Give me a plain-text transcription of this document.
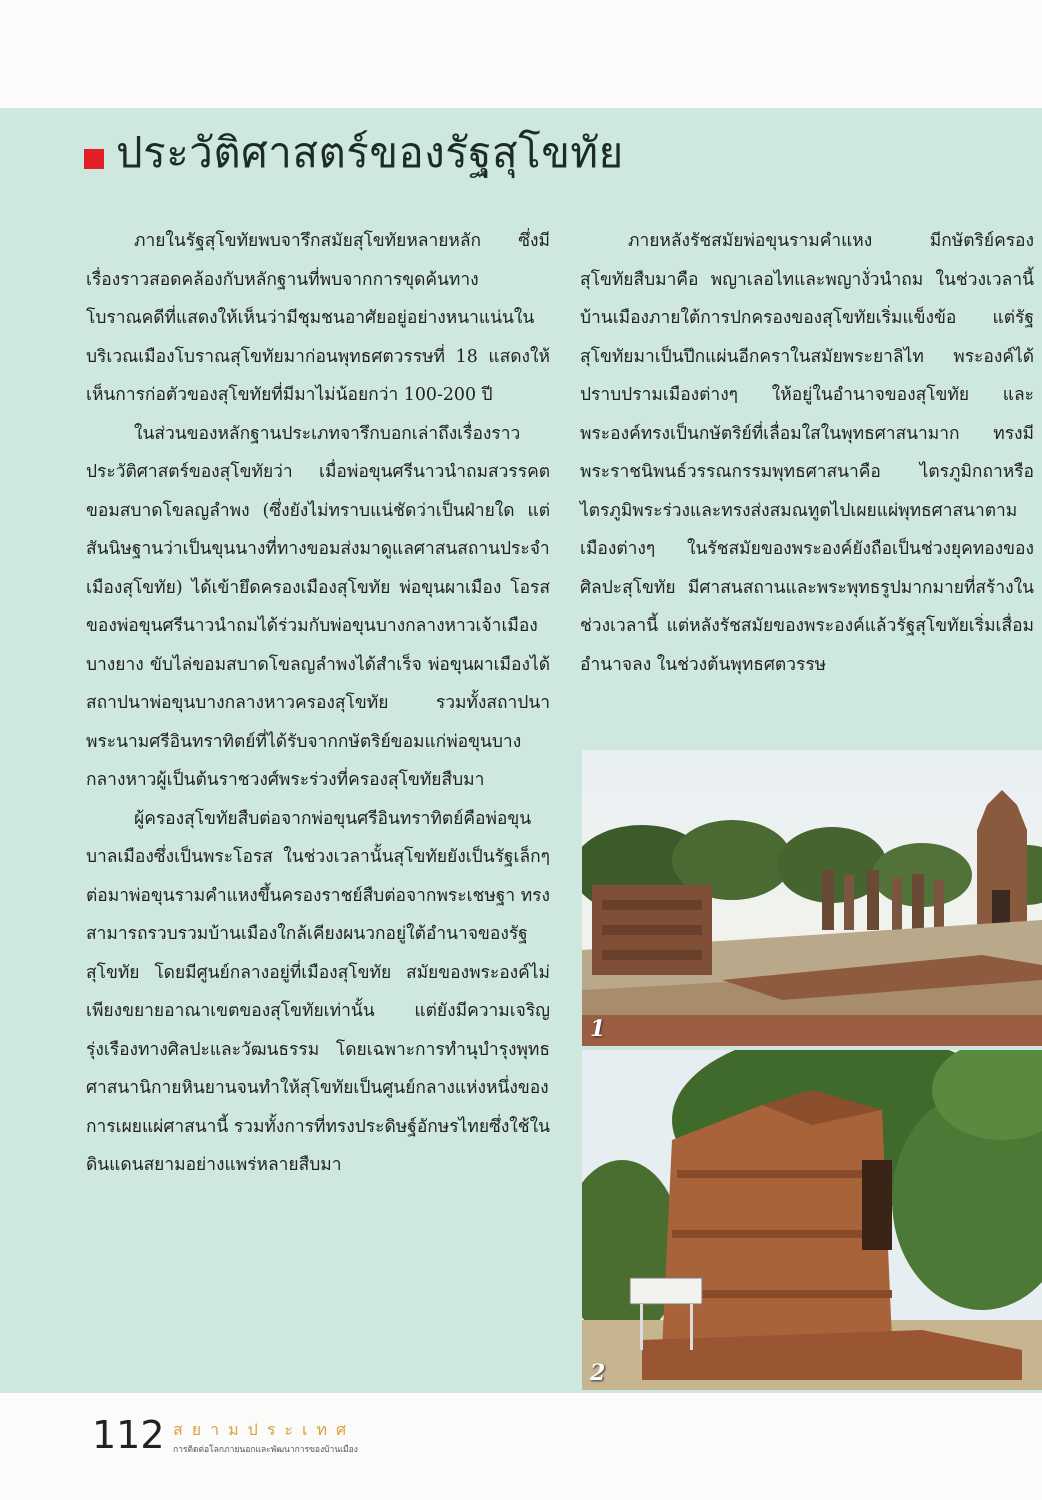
ประวัติศาสตร์ของรัฐสุโขทัย

ภายในรัฐสุโขทัยพบจารึกสมัยสุโขทัยหลายหลัก ซึ่งมีเรื่องราวสอดคล้องกับหลักฐานที่พบจากการขุดค้นทางโบราณคดีที่แสดงให้เห็นว่ามีชุมชนอาศัยอยู่อย่างหนาแน่นในบริเวณเมืองโบราณสุโขทัยมาก่อนพุทธศตวรรษที่ 18 แสดงให้เห็นการก่อตัวของสุโขทัยที่มีมาไม่น้อยกว่า 100-200 ปี

ในส่วนของหลักฐานประเภทจารึกบอกเล่าถึงเรื่องราวประวัติศาสตร์ของสุโขทัยว่า เมื่อพ่อขุนศรีนาวนำถมสวรรคต ขอมสบาดโขลญลำพง (ซึ่งยังไม่ทราบแน่ชัดว่าเป็นฝ่ายใด แต่สันนิษฐานว่าเป็นขุนนางที่ทางขอมส่งมาดูแลศาสนสถานประจำเมืองสุโขทัย) ได้เข้ายึดครองเมืองสุโขทัย พ่อขุนผาเมือง โอรสของพ่อขุนศรีนาวนำถมได้ร่วมกับพ่อขุนบางกลางหาวเจ้าเมืองบางยาง ขับไล่ขอมสบาดโขลญลำพงได้สำเร็จ พ่อขุนผาเมืองได้สถาปนาพ่อขุนบางกลางหาวครองสุโขทัย รวมทั้งสถาปนาพระนามศรีอินทราทิตย์ที่ได้รับจากกษัตริย์ขอมแก่พ่อขุนบางกลางหาวผู้เป็นต้นราชวงศ์พระร่วงที่ครองสุโขทัยสืบมา

ผู้ครองสุโขทัยสืบต่อจากพ่อขุนศรีอินทราทิตย์คือพ่อขุนบาลเมืองซึ่งเป็นพระโอรส ในช่วงเวลานั้นสุโขทัยยังเป็นรัฐเล็กๆ ต่อมาพ่อขุนรามคำแหงขึ้นครองราชย์สืบต่อจากพระเชษฐา ทรงสามารถรวบรวมบ้านเมืองใกล้เคียงผนวกอยู่ใต้อำนาจของรัฐสุโขทัย โดยมีศูนย์กลางอยู่ที่เมืองสุโขทัย สมัยของพระองค์ไม่เพียงขยายอาณาเขตของสุโขทัยเท่านั้น แต่ยังมีความเจริญรุ่งเรืองทางศิลปะและวัฒนธรรม โดยเฉพาะการทำนุบำรุงพุทธศาสนานิกายหินยานจนทำให้สุโขทัยเป็นศูนย์กลางแห่งหนึ่งของการเผยแผ่ศาสนานี้ รวมทั้งการที่ทรงประดิษฐ์อักษรไทยซึ่งใช้ในดินแดนสยามอย่างแพร่หลายสืบมา

ภายหลังรัชสมัยพ่อขุนรามคำแหง มีกษัตริย์ครองสุโขทัยสืบมาคือ พญาเลอไทและพญางั่วนำถม ในช่วงเวลานี้บ้านเมืองภายใต้การปกครองของสุโขทัยเริ่มแข็งข้อ แต่รัฐสุโขทัยมาเป็นปึกแผ่นอีกคราในสมัยพระยาลิไท พระองค์ได้ปราบปรามเมืองต่างๆ ให้อยู่ในอำนาจของสุโขทัย และพระองค์ทรงเป็นกษัตริย์ที่เลื่อมใสในพุทธศาสนามาก ทรงมีพระราชนิพนธ์วรรณกรรมพุทธศาสนาคือ ไตรภูมิกถาหรือไตรภูมิพระร่วงและทรงส่งสมณทูตไปเผยแผ่พุทธศาสนาตามเมืองต่างๆ ในรัชสมัยของพระองค์ยังถือเป็นช่วงยุคทองของศิลปะสุโขทัย มีศาสนสถานและพระพุทธรูปมากมายที่สร้างในช่วงเวลานี้ แต่หลังรัชสมัยของพระองค์แล้วรัฐสุโขทัยเริ่มเสื่อมอำนาจลง ในช่วงต้นพุทธศตวรรษ

1
2
112 สยามประเทศ
การติดต่อโลกภายนอกและพัฒนาการของบ้านเมือง
